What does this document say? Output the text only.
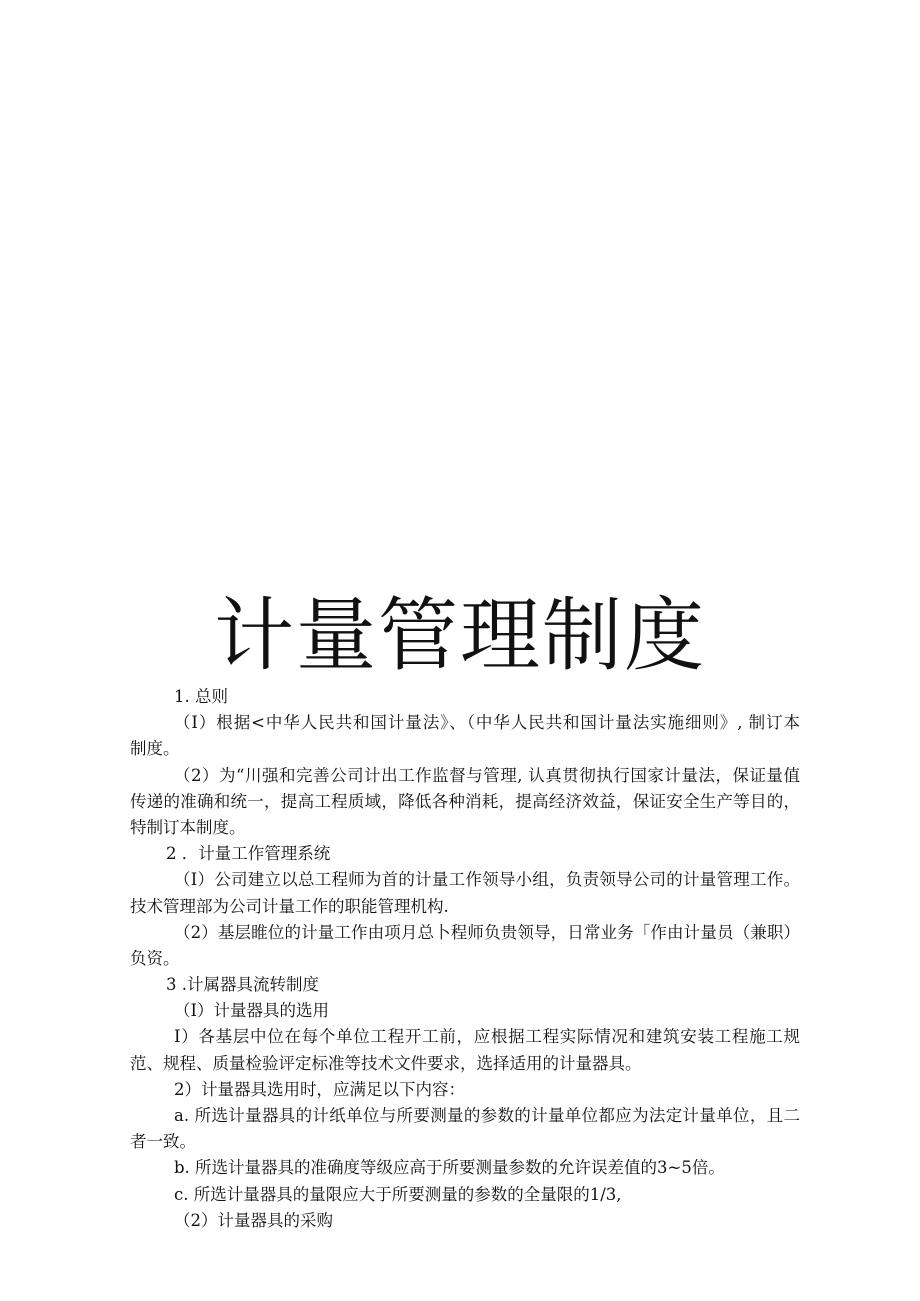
计量管理制度
1. 总则
（I）根据<中华人民共和国计量法》、（中华人民共和国计量法实施细则》, 制订本
制度。
（2）为“川强和完善公司计出工作监督与管理, 认真贯彻执行国家计量法，保证量值
传递的准确和统一，提高工程质域，降低各种消耗，提高经济效益，保证安全生产等目的，
特制订本制度。
2 ．计量工作管理系统
（I）公司建立以总工程师为首的计量工作领导小组，负责领导公司的计量管理工作。
技术管理部为公司计量工作的职能管理机构.
（2）基层睢位的计量工作由项月总卜程师负贵领导，日常业务「作由计量员（兼职）
负资。
3 .计属器具流转制度
（I）计量器具的选用
I）各基层中位在每个单位工程开工前，应根据工程实际情况和建筑安装工程施工规
范、规程、质量检验评定标准等技术文件要求，选择适用的计量器具。
2）计量器具选用时，应满足以下内容：
a. 所选计量器具的计纸单位与所要测量的参数的计量单位都应为法定计量单位，且二
者一致。
b. 所选计量器具的准确度等级应高于所要测量参数的允许误差值的3~5倍。
c. 所选计量器具的量限应大于所要测量的参数的全量限的1/3,
（2）计量器具的采购
